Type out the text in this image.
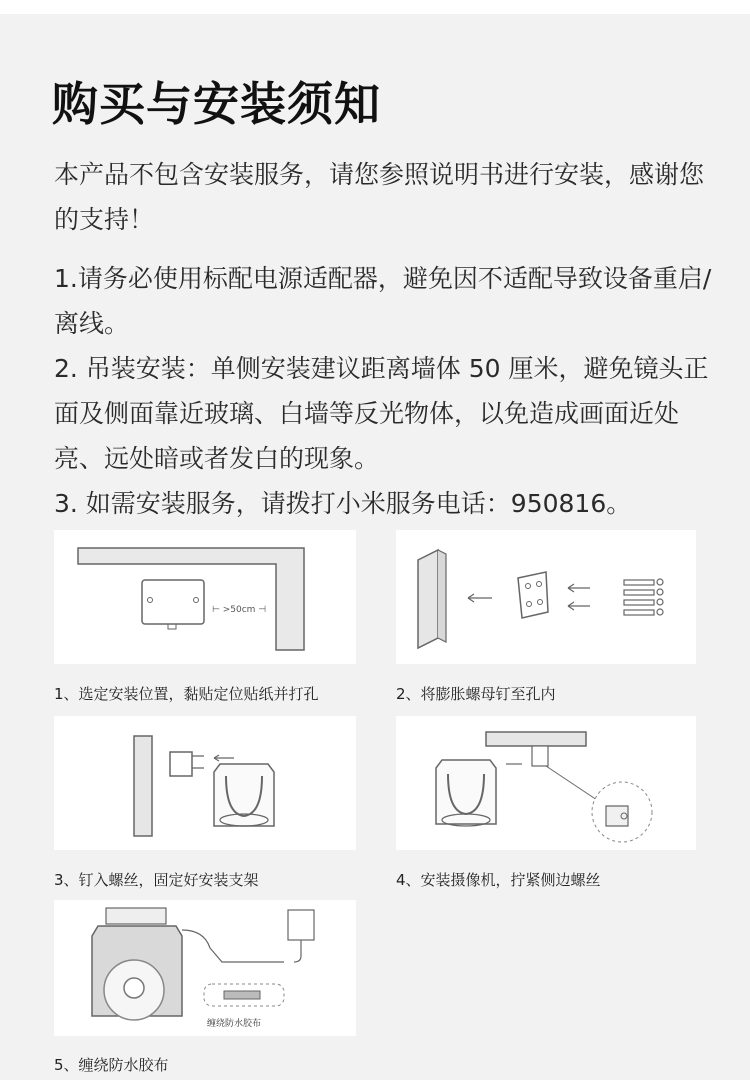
购买与安装须知
本产品不包含安装服务，请您参照说明书进行安装，感谢您的支持！
1.请务必使用标配电源适配器，避免因不适配导致设备重启/离线。
2. 吊装安装：单侧安装建议距离墙体 50 厘米，避免镜头正面及侧面靠近玻璃、白墙等反光物体，以免造成画面近处亮、远处暗或者发白的现象。
3. 如需安装服务，请拨打小米服务电话：950816。
⊢ >50cm ⊣
1、选定安装位置，黏贴定位贴纸并打孔	2、将膨胀螺母钉至孔内
3、钉入螺丝，固定好安装支架	4、安装摄像机，拧紧侧边螺丝
缠绕防水胶布
5、缠绕防水胶布
